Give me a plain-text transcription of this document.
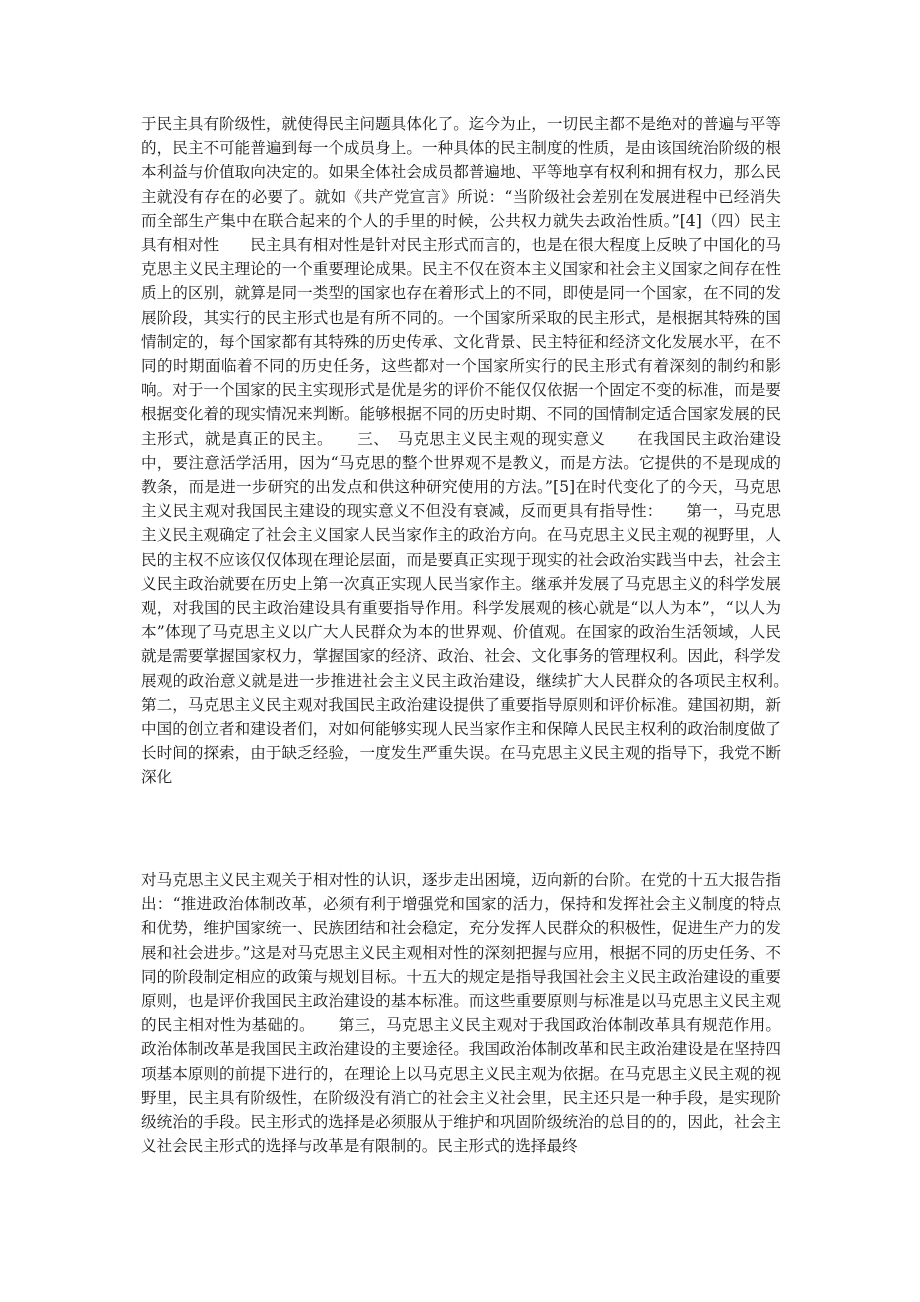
于民主具有阶级性，就使得民主问题具体化了。迄今为止，一切民主都不是绝对的普遍与平等的，民主不可能普遍到每一个成员身上。一种具体的民主制度的性质，是由该国统治阶级的根本利益与价值取向决定的。如果全体社会成员都普遍地、平等地享有权利和拥有权力，那么民主就没有存在的必要了。就如《共产党宣言》所说：“当阶级社会差别在发展进程中已经消失而全部生产集中在联合起来的个人的手里的时候，公共权力就失去政治性质。”[4]（四）民主具有相对性　　民主具有相对性是针对民主形式而言的，也是在很大程度上反映了中国化的马克思主义民主理论的一个重要理论成果。民主不仅在资本主义国家和社会主义国家之间存在性质上的区别，就算是同一类型的国家也存在着形式上的不同，即使是同一个国家，在不同的发展阶段，其实行的民主形式也是有所不同的。一个国家所采取的民主形式，是根据其特殊的国情制定的，每个国家都有其特殊的历史传承、文化背景、民主特征和经济文化发展水平，在不同的时期面临着不同的历史任务，这些都对一个国家所实行的民主形式有着深刻的制约和影响。对于一个国家的民主实现形式是优是劣的评价不能仅仅依据一个固定不变的标准，而是要根据变化着的现实情况来判断。能够根据不同的历史时期、不同的国情制定适合国家发展的民主形式，就是真正的民主。　　三、　马克思主义民主观的现实意义　　在我国民主政治建设中，要注意活学活用，因为“马克思的整个世界观不是教义，而是方法。它提供的不是现成的教条，而是进一步研究的出发点和供这种研究使用的方法。”[5]在时代变化了的今天，马克思主义民主观对我国民主建设的现实意义不但没有衰减，反而更具有指导性：　　第一，马克思主义民主观确定了社会主义国家人民当家作主的政治方向。在马克思主义民主观的视野里，人民的主权不应该仅仅体现在理论层面，而是要真正实现于现实的社会政治实践当中去，社会主义民主政治就要在历史上第一次真正实现人民当家作主。继承并发展了马克思主义的科学发展观，对我国的民主政治建设具有重要指导作用。科学发展观的核心就是“以人为本”，“以人为本”体现了马克思主义以广大人民群众为本的世界观、价值观。在国家的政治生活领域，人民就是需要掌握国家权力，掌握国家的经济、政治、社会、文化事务的管理权利。因此，科学发展观的政治意义就是进一步推进社会主义民主政治建设，继续扩大人民群众的各项民主权利。　　第二，马克思主义民主观对我国民主政治建设提供了重要指导原则和评价标准。建国初期，新中国的创立者和建设者们，对如何能够实现人民当家作主和保障人民民主权利的政治制度做了长时间的探索，由于缺乏经验，一度发生严重失误。在马克思主义民主观的指导下，我党不断深化

对马克思主义民主观关于相对性的认识，逐步走出困境，迈向新的台阶。在党的十五大报告指出：“推进政治体制改革，必须有利于增强党和国家的活力，保持和发挥社会主义制度的特点和优势，维护国家统一、民族团结和社会稳定，充分发挥人民群众的积极性，促进生产力的发展和社会进步。”这是对马克思主义民主观相对性的深刻把握与应用，根据不同的历史任务、不同的阶段制定相应的政策与规划目标。十五大的规定是指导我国社会主义民主政治建设的重要原则，也是评价我国民主政治建设的基本标准。而这些重要原则与标准是以马克思主义民主观的民主相对性为基础的。　　第三，马克思主义民主观对于我国政治体制改革具有规范作用。政治体制改革是我国民主政治建设的主要途径。我国政治体制改革和民主政治建设是在坚持四项基本原则的前提下进行的，在理论上以马克思主义民主观为依据。在马克思主义民主观的视野里，民主具有阶级性，在阶级没有消亡的社会主义社会里，民主还只是一种手段，是实现阶级统治的手段。民主形式的选择是必须服从于维护和巩固阶级统治的总目的的，因此，社会主义社会民主形式的选择与改革是有限制的。民主形式的选择最终
